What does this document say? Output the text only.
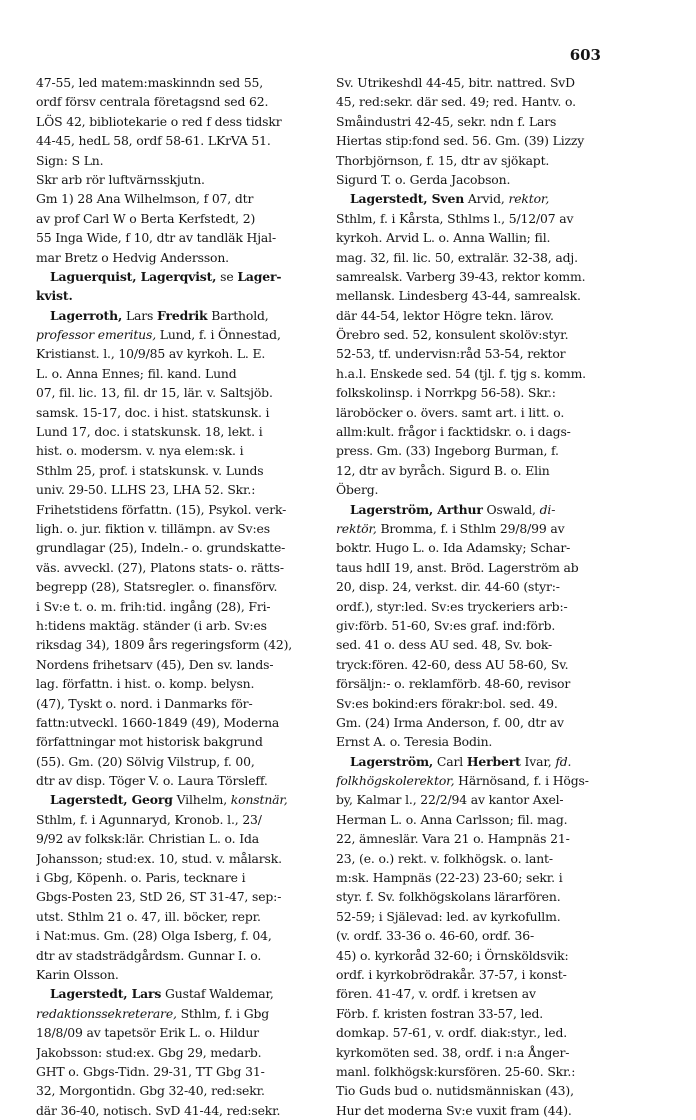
603
47-55, led matem:maskinndn sed 55,
ordf försv centrala företagsnd sed 62.
LÖS 42, bibliotekarie o red f dess tidskr
44-45, hedL 58, ordf 58-61. LKrVA 51.
Sign: S Ln.
Skr arb rör luftvärnsskjutn.
Gm 1) 28 Ana Wilhelmson, f 07, dtr
av prof Carl W o Berta Kerfstedt, 2)
55 Inga Wide, f 10, dtr av tandläk Hjal-
mar Bretz o Hedvig Andersson.
Laguerquist, Lagerqvist, se Lager-
kvist.
Lagerroth, Lars Fredrik Barthold,
professor emeritus, Lund, f. i Önnestad,
Kristianst. l., 10/9/85 av kyrkoh. L. E.
L. o. Anna Ennes; fil. kand. Lund
07, fil. lic. 13, fil. dr 15, lär. v. Saltsjöb.
samsk. 15-17, doc. i hist. statskunsk. i
Lund 17, doc. i statskunsk. 18, lekt. i
hist. o. modersm. v. nya elem:sk. i
Sthlm 25, prof. i statskunsk. v. Lunds
univ. 29-50. LLHS 23, LHA 52. Skr.:
Frihetstidens författn. (15), Psykol. verk-
ligh. o. jur. fiktion v. tillämpn. av Sv:es
grundlagar (25), Indeln.- o. grundskatte-
väs. avveckl. (27), Platons stats- o. rätts-
begrepp (28), Statsregler. o. finansförv.
i Sv:e t. o. m. frih:tid. ingång (28), Fri-
h:tidens maktäg. ständer (i arb. Sv:es
riksdag 34), 1809 års regeringsform (42),
Nordens frihetsarv (45), Den sv. lands-
lag. författn. i hist. o. komp. belysn.
(47), Tyskt o. nord. i Danmarks för-
fattn:utveckl. 1660-1849 (49), Moderna
författningar mot historisk bakgrund
(55). Gm. (20) Sölvig Vilstrup, f. 00,
dtr av disp. Töger V. o. Laura Törsleff.
Lagerstedt, Georg Vilhelm, konstnär,
Sthlm, f. i Agunnaryd, Kronob. l., 23/
9/92 av folksk:lär. Christian L. o. Ida
Johansson; stud:ex. 10, stud. v. målarsk.
i Gbg, Köpenh. o. Paris, tecknare i
Gbgs-Posten 23, StD 26, ST 31-47, sep:-
utst. Sthlm 21 o. 47, ill. böcker, repr.
i Nat:mus. Gm. (28) Olga Isberg, f. 04,
dtr av stadsträdgårdsm. Gunnar I. o.
Karin Olsson.
Lagerstedt, Lars Gustaf Waldemar,
redaktionssekreterare, Sthlm, f. i Gbg
18/8/09 av tapetsör Erik L. o. Hildur
Jakobsson: stud:ex. Gbg 29, medarb.
GHT o. Gbgs-Tidn. 29-31, TT Gbg 31-
32, Morgontidn. Gbg 32-40, red:sekr.
där 36-40, notisch. SvD 41-44, red:sekr.
Sv. Utrikeshdl 44-45, bitr. nattred. SvD
45, red:sekr. där sed. 49; red. Hantv. o.
Småindustri 42-45, sekr. ndn f. Lars
Hiertas stip:fond sed. 56. Gm. (39) Lizzy
Thorbjörnson, f. 15, dtr av sjökapt.
Sigurd T. o. Gerda Jacobson.
Lagerstedt, Sven Arvid, rektor,
Sthlm, f. i Kårsta, Sthlms l., 5/12/07 av
kyrkoh. Arvid L. o. Anna Wallin; fil.
mag. 32, fil. lic. 50, extralär. 32-38, adj.
samrealsk. Varberg 39-43, rektor komm.
mellansk. Lindesberg 43-44, samrealsk.
där 44-54, lektor Högre tekn. lärov.
Örebro sed. 52, konsulent skolöv:styr.
52-53, tf. undervisn:råd 53-54, rektor
h.a.l. Enskede sed. 54 (tjl. f. tjg s. komm.
folkskolinsp. i Norrkpg 56-58). Skr.:
läroböcker o. övers. samt art. i litt. o.
allm:kult. frågor i facktidskr. o. i dags-
press. Gm. (33) Ingeborg Burman, f.
12, dtr av byråch. Sigurd B. o. Elin
Öberg.
Lagerström, Arthur Oswald, di-
rektör, Bromma, f. i Sthlm 29/8/99 av
boktr. Hugo L. o. Ida Adamsky; Schar-
taus hdlI 19, anst. Bröd. Lagerström ab
20, disp. 24, verkst. dir. 44-60 (styr:-
ordf.), styr:led. Sv:es tryckeriers arb:-
giv:förb. 51-60, Sv:es graf. ind:förb.
sed. 41 o. dess AU sed. 48, Sv. bok-
tryck:fören. 42-60, dess AU 58-60, Sv.
försäljn:- o. reklamförb. 48-60, revisor
Sv:es bokind:ers förakr:bol. sed. 49.
Gm. (24) Irma Anderson, f. 00, dtr av
Ernst A. o. Teresia Bodin.
Lagerström, Carl Herbert Ivar, fd.
folkhögskolerektor, Härnösand, f. i Högs-
by, Kalmar l., 22/2/94 av kantor Axel-
Herman L. o. Anna Carlsson; fil. mag.
22, ämneslär. Vara 21 o. Hampnäs 21-
23, (e. o.) rekt. v. folkhögsk. o. lant-
m:sk. Hampnäs (22-23) 23-60; sekr. i
styr. f. Sv. folkhögskolans lärarfören.
52-59; i Själevad: led. av kyrkofullm.
(v. ordf. 33-36 o. 46-60, ordf. 36-
45) o. kyrkoråd 32-60; i Örnsköldsvik:
ordf. i kyrkobrödrakår. 37-57, i konst-
fören. 41-47, v. ordf. i kretsen av
Förb. f. kristen fostran 33-57, led.
domkap. 57-61, v. ordf. diak:styr., led.
kyrkomöten sed. 38, ordf. i n:a Ånger-
manl. folkhögsk:kursfören. 25-60. Skr.:
Tio Guds bud o. nutidsmänniskan (43),
Hur det moderna Sv:e vuxit fram (44).
